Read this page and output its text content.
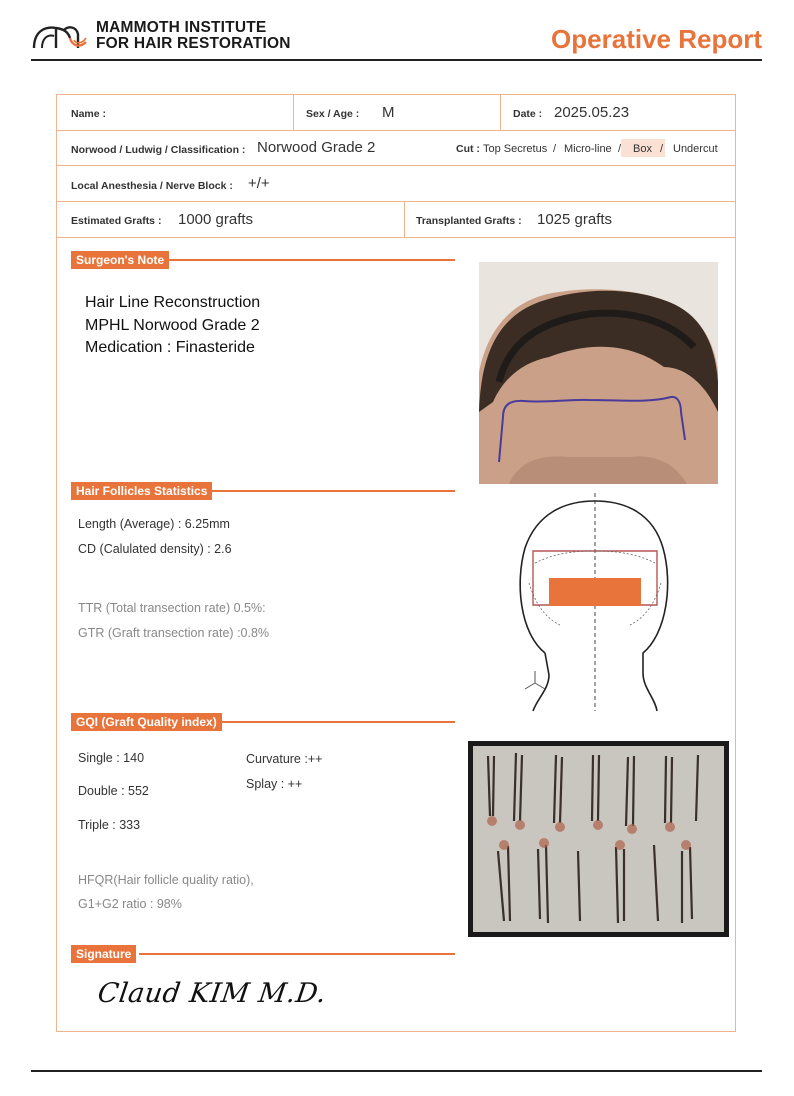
MAMMOTH INSTITUTE
FOR HAIR RESTORATION	Operative Report
Name :	Sex / Age : M	Date : 2025.05.23
Norwood / Ludwig / Classification : Norwood Grade 2	Cut : Top Secretus / Micro-line / Box / Undercut
Local Anesthesia / Nerve Block : +/+
Estimated Grafts : 1000 grafts	Transplanted Grafts : 1025 grafts
Surgeon's Note
Hair Line Reconstruction
MPHL Norwood Grade 2
Medication : Finasteride
Hair Follicles Statistics
Length (Average) : 6.25mm
CD (Calulated density) : 2.6
TTR (Total transection rate) 0.5%:
GTR (Graft transection rate) :0.8%
GQI (Graft Quality index)
Single : 140
Double : 552
Triple : 333
Curvature :++
Splay : ++
HFQR(Hair follicle quality ratio),
G1+G2 ratio : 98%
Signature
Claud KIM M.D.
